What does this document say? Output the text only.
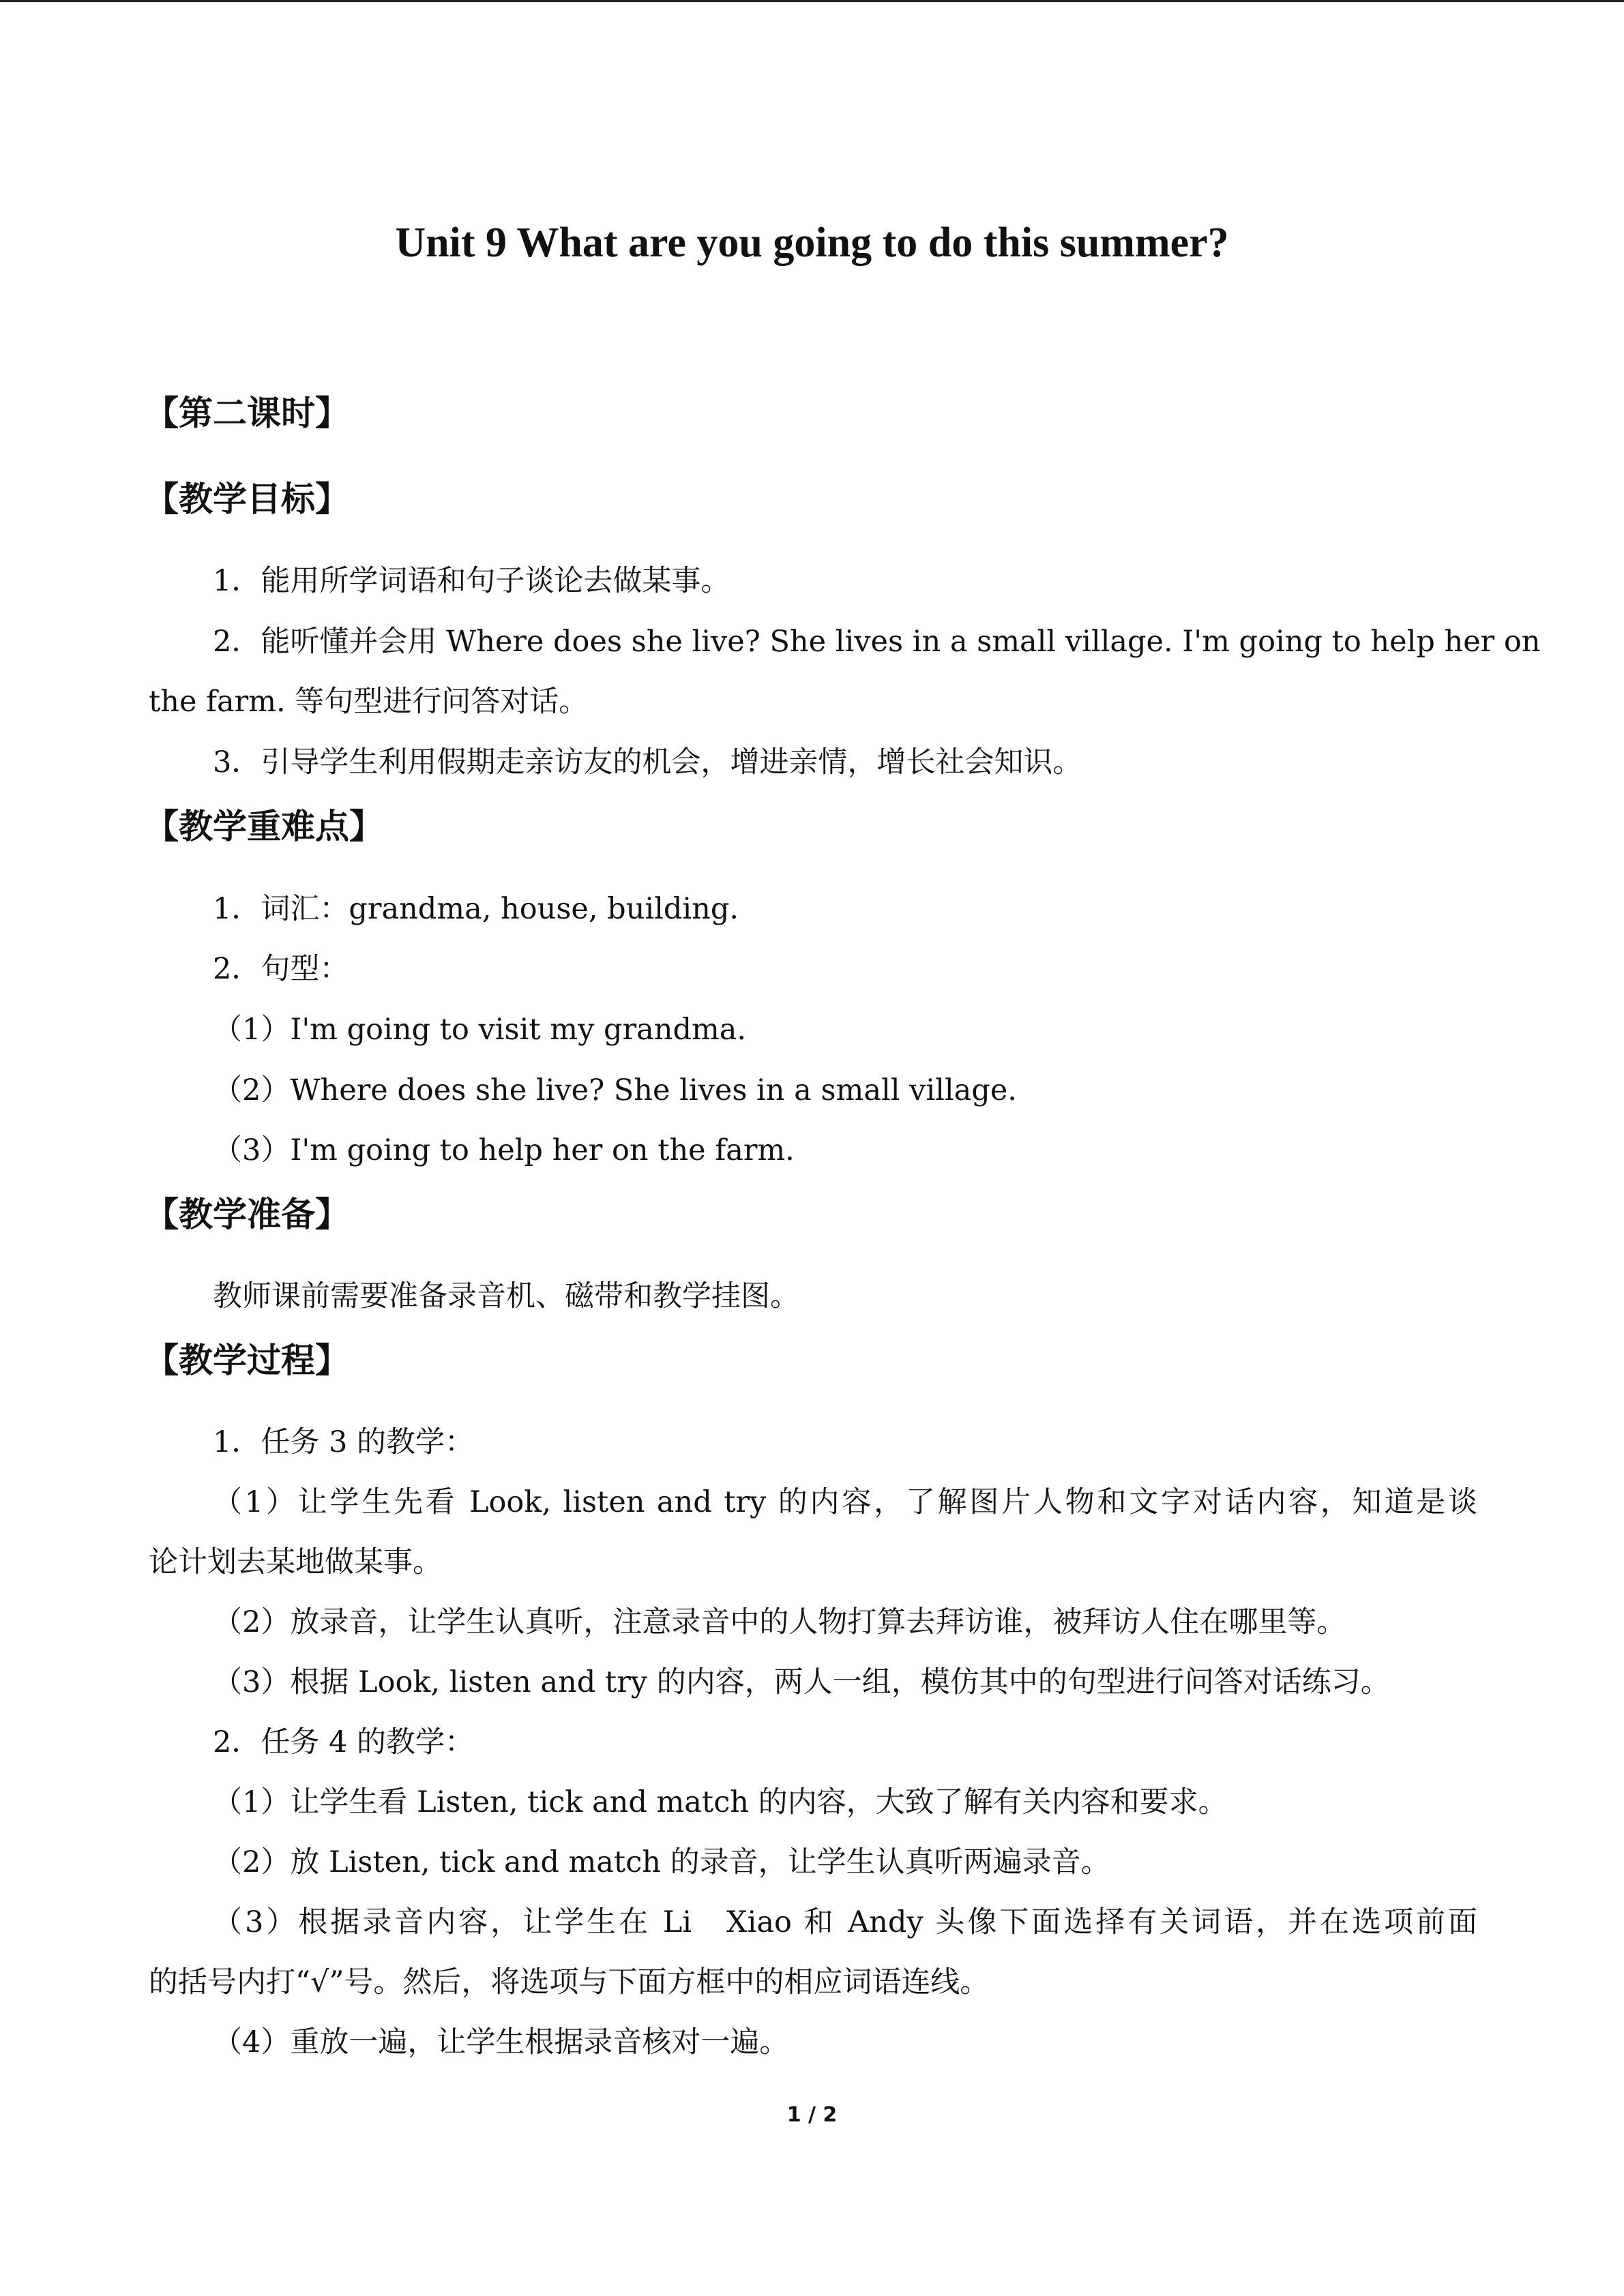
Unit 9 What are you going to do this summer?
【第二课时】
【教学目标】
1．能用所学词语和句子谈论去做某事。
2．能听懂并会用 Where does she live? She lives in a small village. I'm going to help her on
the farm. 等句型进行问答对话。
3．引导学生利用假期走亲访友的机会，增进亲情，增长社会知识。
【教学重难点】
1．词汇：grandma, house, building.
2．句型：
（1）I'm going to visit my grandma.
（2）Where does she live? She lives in a small village.
（3）I'm going to help her on the farm.
【教学准备】
教师课前需要准备录音机、磁带和教学挂图。
【教学过程】
1．任务 3 的教学：
（1）让学生先看 Look, listen and try 的内容，了解图片人物和文字对话内容，知道是谈
论计划去某地做某事。
（2）放录音，让学生认真听，注意录音中的人物打算去拜访谁，被拜访人住在哪里等。
（3）根据 Look, listen and try 的内容，两人一组，模仿其中的句型进行问答对话练习。
2．任务 4 的教学：
（1）让学生看 Listen, tick and match 的内容，大致了解有关内容和要求。
（2）放 Listen, tick and match 的录音，让学生认真听两遍录音。
（3）根据录音内容，让学生在 Li　Xiao 和 Andy 头像下面选择有关词语，并在选项前面
的括号内打“√”号。然后，将选项与下面方框中的相应词语连线。
（4）重放一遍，让学生根据录音核对一遍。
1 / 2
